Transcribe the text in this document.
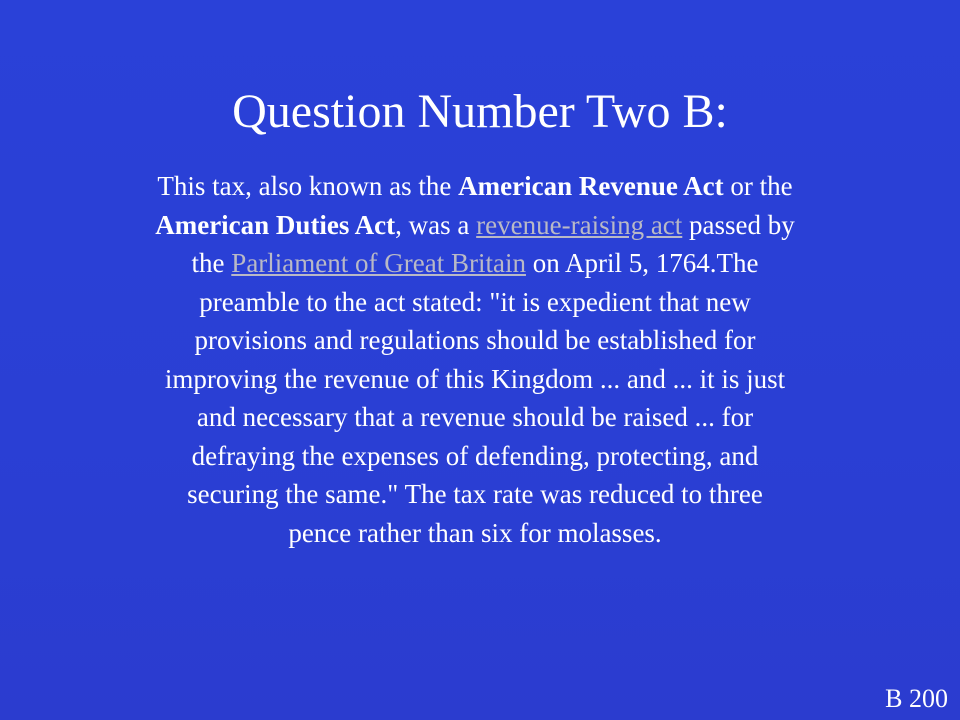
Question Number Two B:

This tax, also known as the American Revenue Act or the American Duties Act, was a revenue-raising act passed by the Parliament of Great Britain on April 5, 1764.The preamble to the act stated: "it is expedient that new provisions and regulations should be established for improving the revenue of this Kingdom ... and ... it is just and necessary that a revenue should be raised ... for defraying the expenses of defending, protecting, and securing the same." The tax rate was reduced to three pence rather than six for molasses.

B 200
